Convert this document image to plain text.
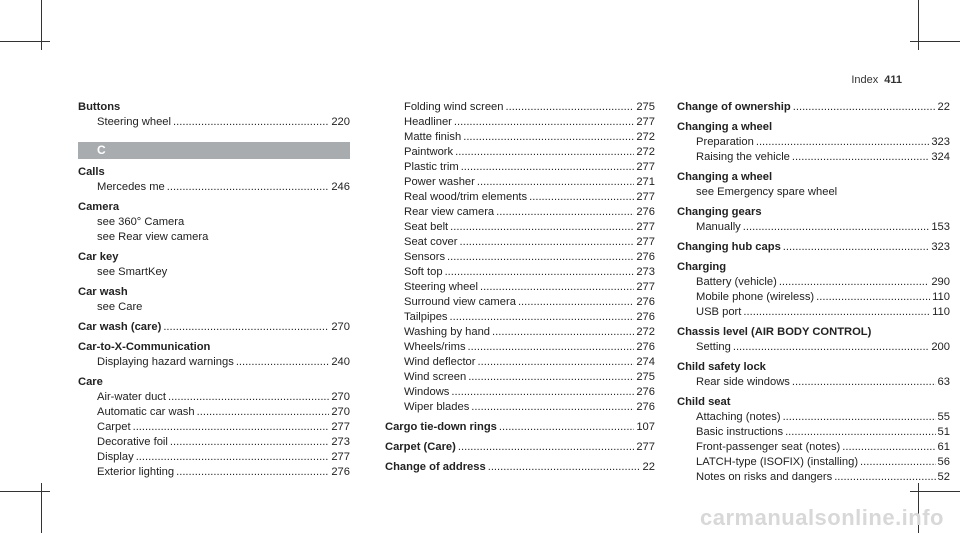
Index 411
Buttons
Steering wheel .....	220
C
Calls
Mercedes me .....	246
Camera
see 360° Camera
see Rear view camera
Car key
see SmartKey
Car wash
see Care
Car wash (care) .....	270
Car-to-X-Communication
Displaying hazard warnings .....	240
Care
Air-water duct .....	270
Automatic car wash .....	270
Carpet .....	277
Decorative foil .....	273
Display .....	277
Exterior lighting .....	276
Folding wind screen .....	275
Headliner .....	277
Matte finish .....	272
Paintwork .....	272
Plastic trim .....	277
Power washer .....	271
Real wood/trim elements .....	277
Rear view camera .....	276
Seat belt .....	277
Seat cover .....	277
Sensors .....	276
Soft top .....	273
Steering wheel .....	277
Surround view camera .....	276
Tailpipes .....	276
Washing by hand .....	272
Wheels/rims .....	276
Wind deflector .....	274
Wind screen .....	275
Windows .....	276
Wiper blades .....	276
Cargo tie-down rings .....	107
Carpet (Care) .....	277
Change of address .....	22
Change of ownership .....	22
Changing a wheel
Preparation .....	323
Raising the vehicle .....	324
Changing a wheel
see Emergency spare wheel
Changing gears
Manually .....	153
Changing hub caps .....	323
Charging
Battery (vehicle) .....	290
Mobile phone (wireless) .....	110
USB port .....	110
Chassis level (AIR BODY CONTROL)
Setting .....	200
Child safety lock
Rear side windows .....	63
Child seat
Attaching (notes) .....	55
Basic instructions .....	51
Front-passenger seat (notes) .....	61
LATCH-type (ISOFIX) (installing) .....	56
Notes on risks and dangers .....	52
carmanualsonline.info
